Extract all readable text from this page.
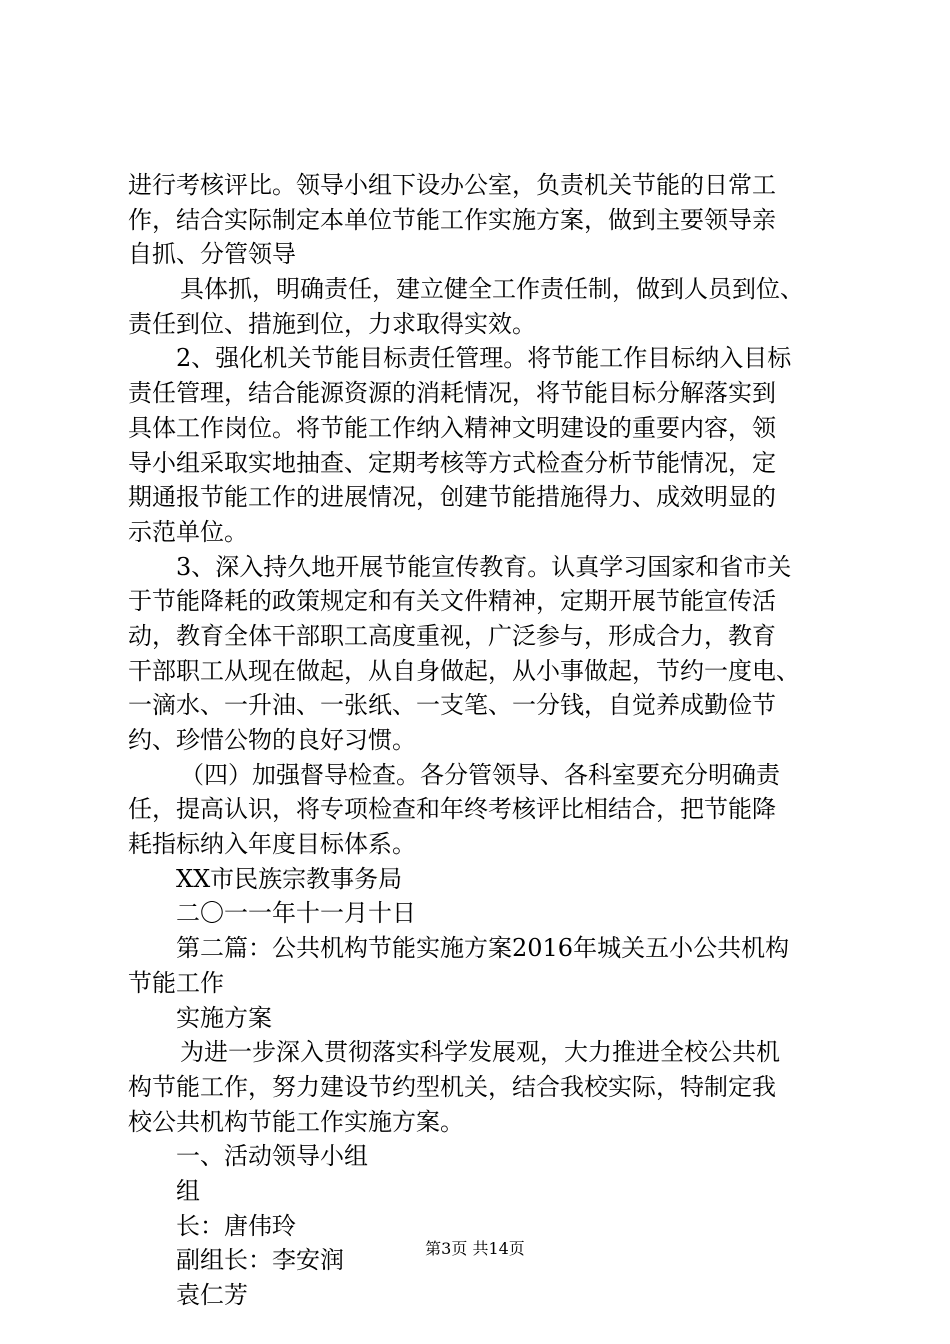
进行考核评比。领导小组下设办公室，负责机关节能的日常工
作，结合实际制定本单位节能工作实施方案，做到主要领导亲
自抓、分管领导
具体抓，明确责任，建立健全工作责任制，做到人员到位、
责任到位、措施到位，力求取得实效。
2、强化机关节能目标责任管理。将节能工作目标纳入目标
责任管理，结合能源资源的消耗情况，将节能目标分解落实到
具体工作岗位。将节能工作纳入精神文明建设的重要内容，领
导小组采取实地抽查、定期考核等方式检查分析节能情况，定
期通报节能工作的进展情况，创建节能措施得力、成效明显的
示范单位。
3、深入持久地开展节能宣传教育。认真学习国家和省市关
于节能降耗的政策规定和有关文件精神，定期开展节能宣传活
动，教育全体干部职工高度重视，广泛参与，形成合力，教育
干部职工从现在做起，从自身做起，从小事做起，节约一度电、
一滴水、一升油、一张纸、一支笔、一分钱，自觉养成勤俭节
约、珍惜公物的良好习惯。
（四）加强督导检查。各分管领导、各科室要充分明确责
任，提高认识，将专项检查和年终考核评比相结合，把节能降
耗指标纳入年度目标体系。
XX市民族宗教事务局
二〇一一年十一月十日
第二篇：公共机构节能实施方案2016年城关五小公共机构
节能工作
实施方案
为进一步深入贯彻落实科学发展观，大力推进全校公共机
构节能工作，努力建设节约型机关，结合我校实际，特制定我
校公共机构节能工作实施方案。
一、活动领导小组
组
长：唐伟玲
副组长：李安润
袁仁芳
第3页 共14页
